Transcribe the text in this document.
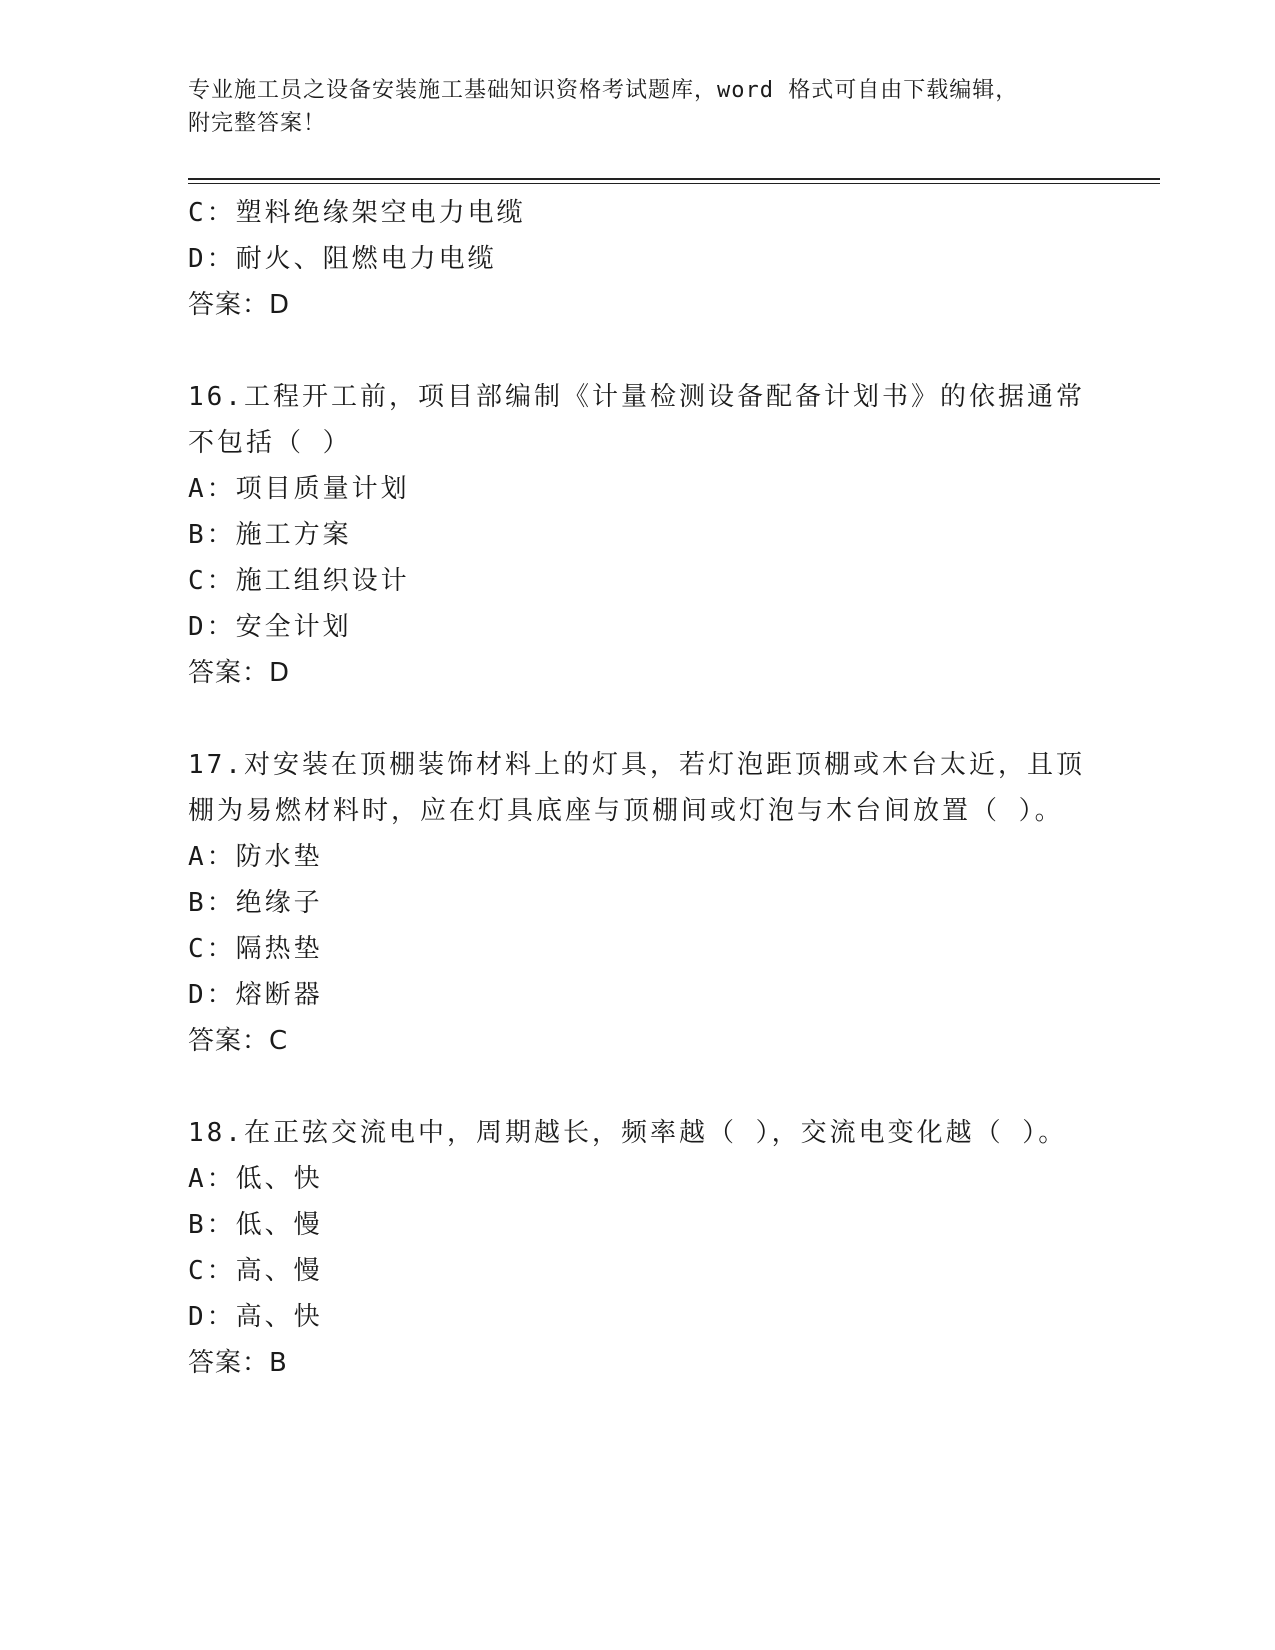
专业施工员之设备安装施工基础知识资格考试题库，word 格式可自由下载编辑，
附完整答案！
C：塑料绝缘架空电力电缆
D：耐火、阻燃电力电缆
答案：D
16.工程开工前，项目部编制《计量检测设备配备计划书》的依据通常
不包括（ ）
A：项目质量计划
B：施工方案
C：施工组织设计
D：安全计划
答案：D
17.对安装在顶棚装饰材料上的灯具，若灯泡距顶棚或木台太近，且顶
棚为易燃材料时，应在灯具底座与顶棚间或灯泡与木台间放置（ ）。
A：防水垫
B：绝缘子
C：隔热垫
D：熔断器
答案：C
18.在正弦交流电中，周期越长，频率越（ ），交流电变化越（ ）。
A：低、快
B：低、慢
C：高、慢
D：高、快
答案：B
